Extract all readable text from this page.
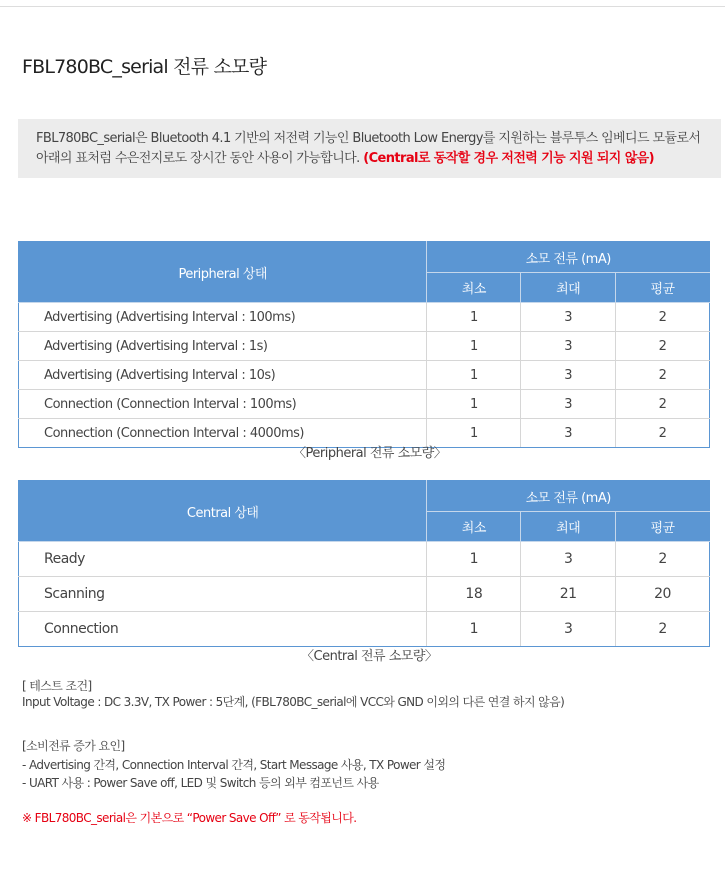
FBL780BC_serial 전류 소모량
FBL780BC_serial은 Bluetooth 4.1 기반의 저전력 기능인 Bluetooth Low Energy를 지원하는 블루투스 임베디드 모듈로서
아래의 표처럼 수은전지로도 장시간 동안 사용이 가능합니다. (Central로 동작할 경우 저전력 기능 지원 되지 않음)
Peripheral 상태	소모 전류 (mA)		
	최소	최대	평균
Advertising (Advertising Interval : 100ms)	1	3	2
Advertising (Advertising Interval : 1s)	1	3	2
Advertising (Advertising Interval : 10s)	1	3	2
Connection (Connection Interval : 100ms)	1	3	2
Connection (Connection Interval : 4000ms)	1	3	2
〈Peripheral 전류 소모량〉
Central 상태	소모 전류 (mA)		
	최소	최대	평균
Ready	1	3	2
Scanning	18	21	20
Connection	1	3	2
〈Central 전류 소모량〉
[ 테스트 조건]
Input Voltage : DC 3.3V, TX Power : 5단계, (FBL780BC_serial에 VCC와 GND 이외의 다른 연결 하지 않음)
[소비전류 증가 요인]
- Advertising 간격, Connection Interval 간격, Start Message 사용, TX Power 설정
- UART 사용 : Power Save off, LED 및 Switch 등의 외부 컴포넌트 사용
※ FBL780BC_serial은 기본으로 “Power Save Off” 로 동작됩니다.
